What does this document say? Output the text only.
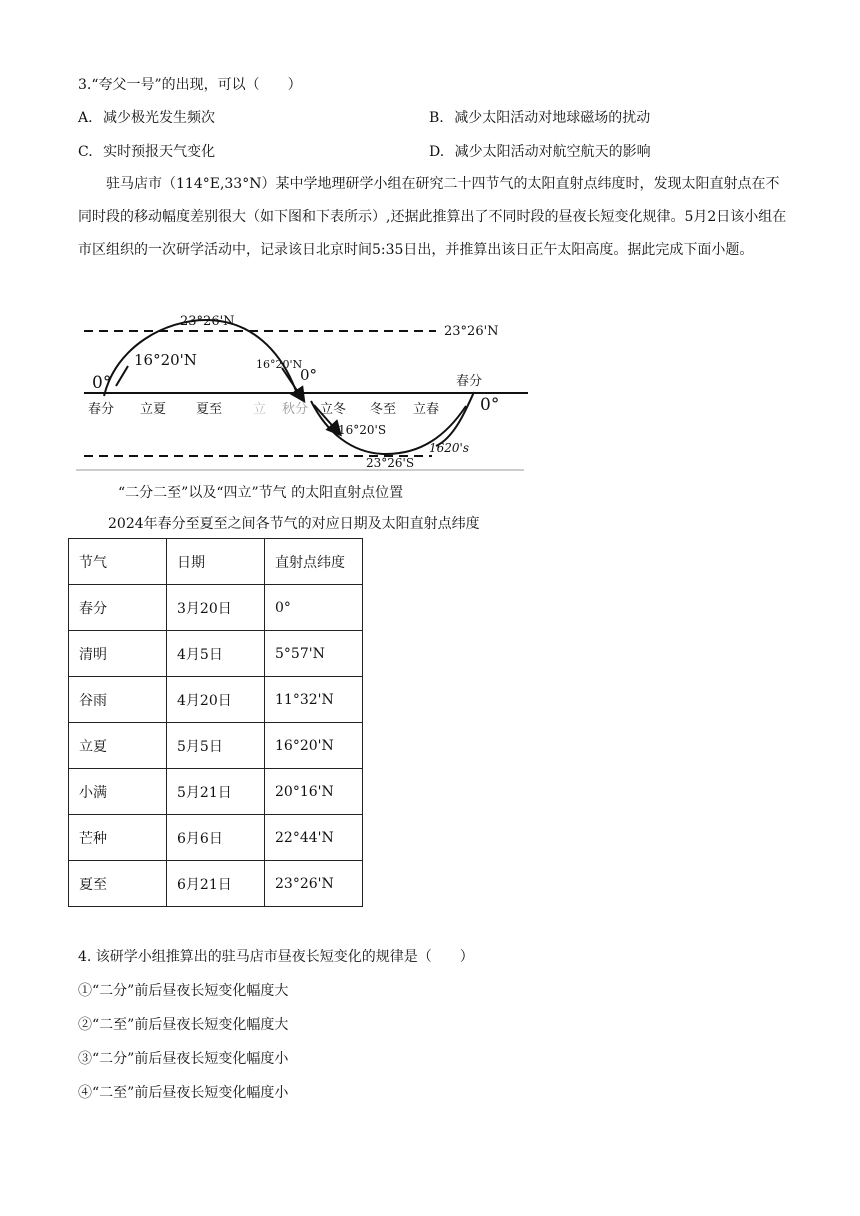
3.“夸父一号”的出现，可以（　　）
A. 减少极光发生频次	B. 减少太阳活动对地球磁场的扰动
C. 实时预报天气变化	D. 减少太阳活动对航空航天的影响
驻马店市（114°E,33°N）某中学地理研学小组在研究二十四节气的太阳直射点纬度时，发现太阳直射点在不同时段的移动幅度差别很大（如下图和下表所示）,还据此推算出了不同时段的昼夜长短变化规律。5月2日该小组在市区组织的一次研学活动中，记录该日北京时间5:35日出，并推算出该日正午太阳高度。据此完成下面小题。
23°26'N
23°26'N
16°20'N	16°20'N
0°	0°	春分
0°
16°20'S
1620's
23°26'S
春分 立夏 夏至 立 秋分 立冬 冬至 立春
“二分二至”以及“四立”节气 的太阳直射点位置
2024年春分至夏至之间各节气的对应日期及太阳直射点纬度
节气	日期	直射点纬度
春分	3月20日	0°
清明	4月5日	5°57'N
谷雨	4月20日	11°32'N
立夏	5月5日	16°20'N
小满	5月21日	20°16'N
芒种	6月6日	22°44'N
夏至	6月21日	23°26'N
4. 该研学小组推算出的驻马店市昼夜长短变化的规律是（　　）
①“二分”前后昼夜长短变化幅度大
②“二至”前后昼夜长短变化幅度大
③“二分”前后昼夜长短变化幅度小
④“二至”前后昼夜长短变化幅度小
